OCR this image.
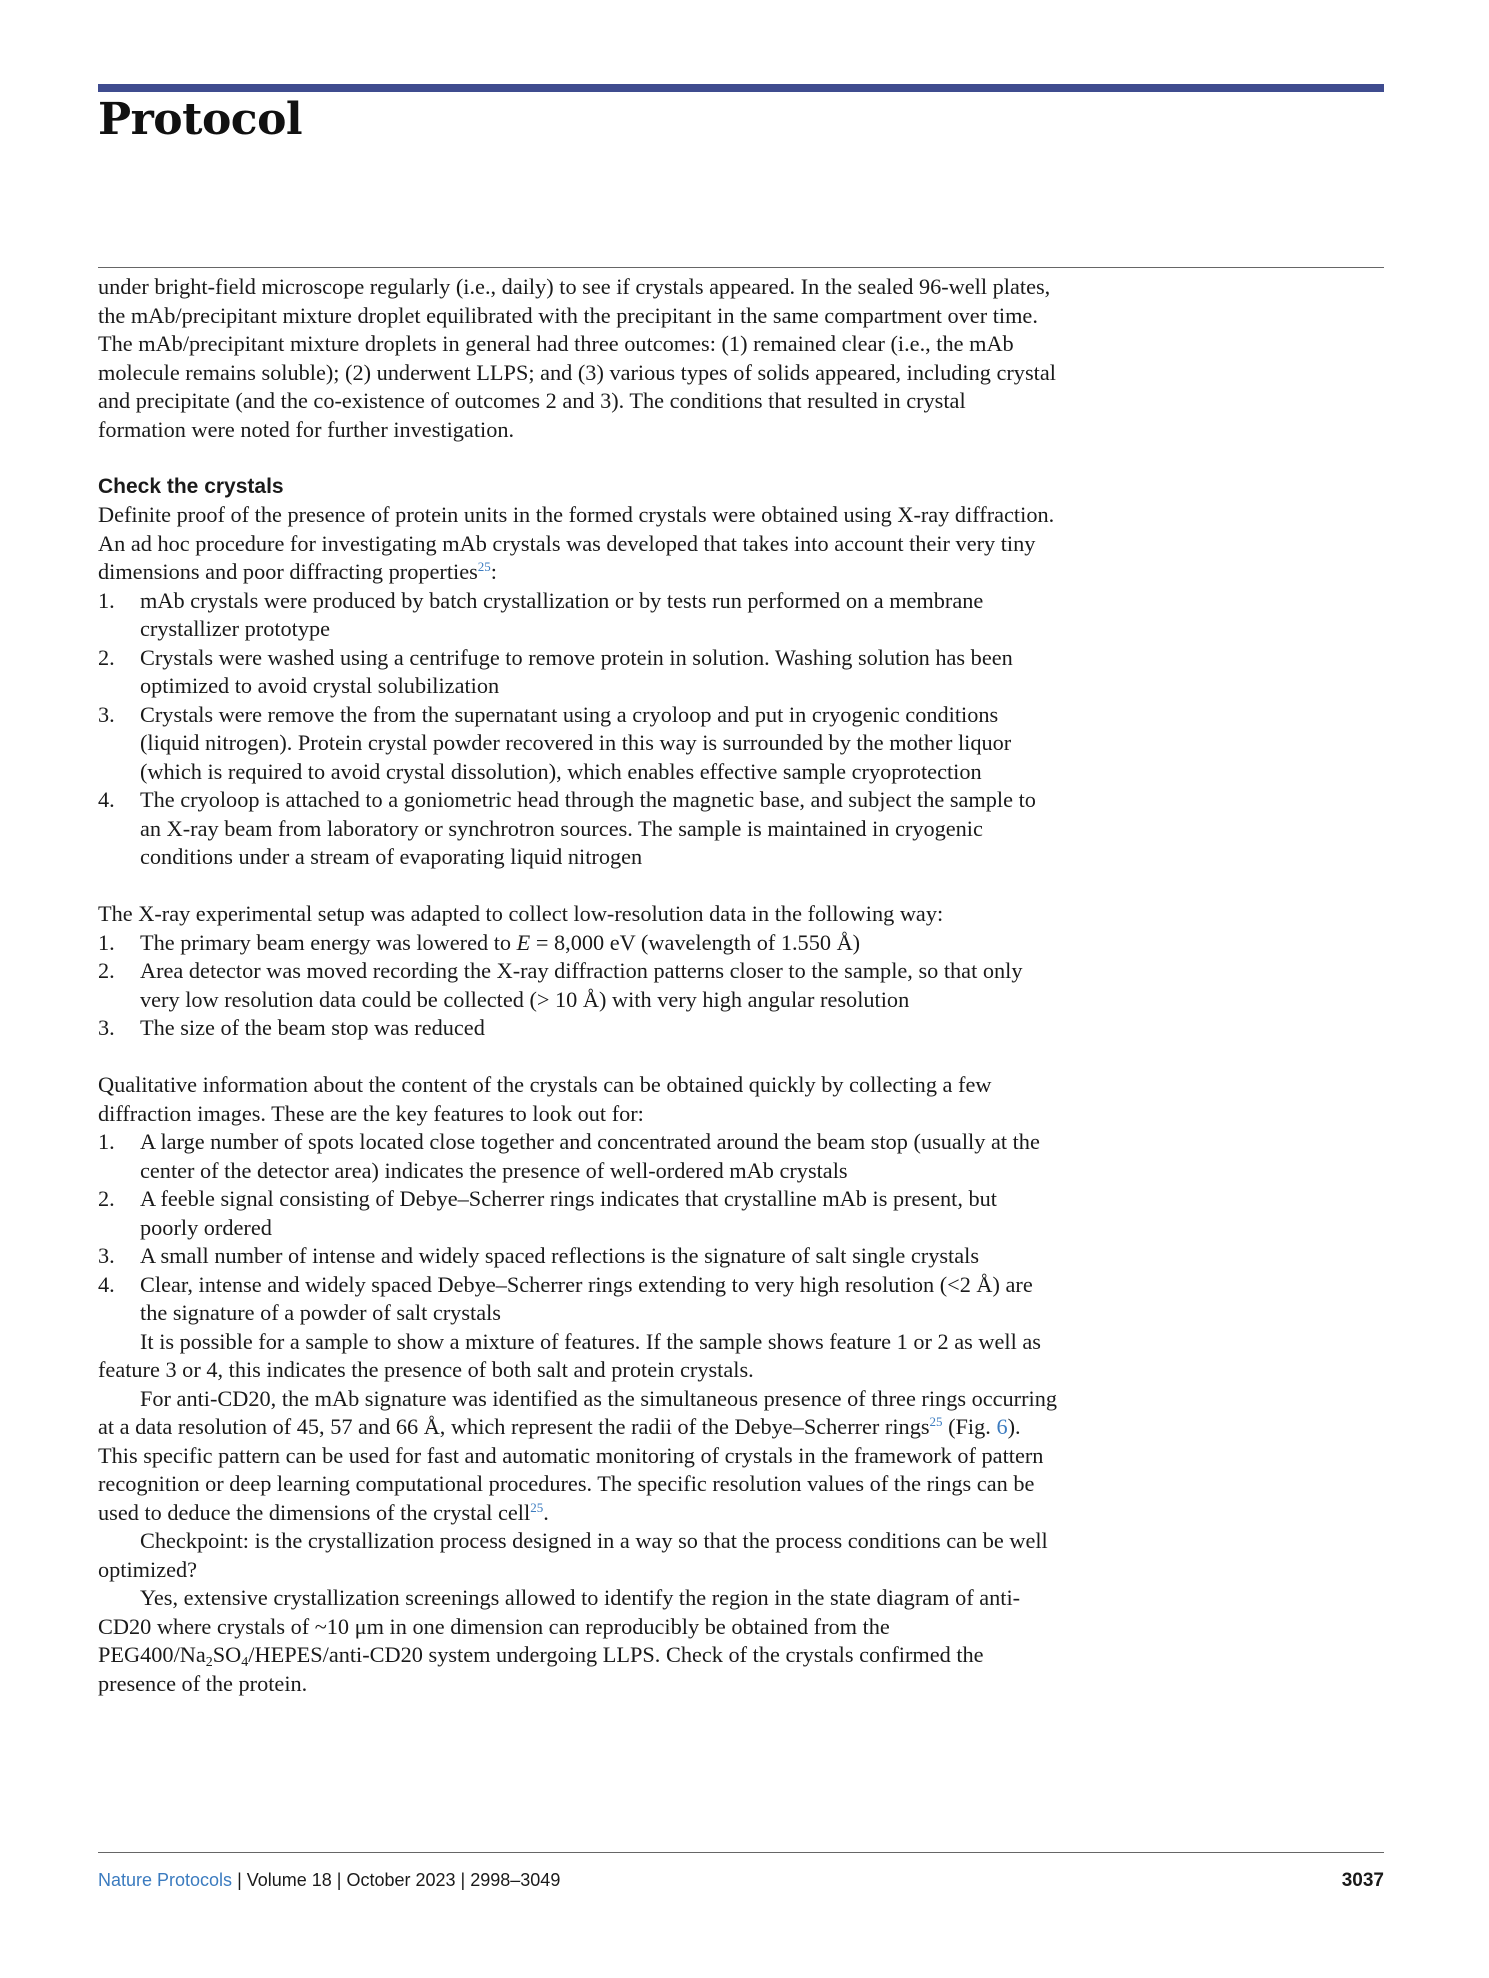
Protocol

under bright-field microscope regularly (i.e., daily) to see if crystals appeared. In the sealed 96-well plates, the mAb/precipitant mixture droplet equilibrated with the precipitant in the same compartment over time. The mAb/precipitant mixture droplets in general had three outcomes: (1) remained clear (i.e., the mAb molecule remains soluble); (2) underwent LLPS; and (3) various types of solids appeared, including crystal and precipitate (and the co-existence of outcomes 2 and 3). The conditions that resulted in crystal formation were noted for further investigation.

Check the crystals

Definite proof of the presence of protein units in the formed crystals were obtained using X-ray diffraction. An ad hoc procedure for investigating mAb crystals was developed that takes into account their very tiny dimensions and poor diffracting properties$^{25}$:

1. mAb crystals were produced by batch crystallization or by tests run performed on a membrane crystallizer prototype
2. Crystals were washed using a centrifuge to remove protein in solution. Washing solution has been optimized to avoid crystal solubilization
3. Crystals were remove the from the supernatant using a cryoloop and put in cryogenic conditions (liquid nitrogen). Protein crystal powder recovered in this way is surrounded by the mother liquor (which is required to avoid crystal dissolution), which enables effective sample cryoprotection
4. The cryoloop is attached to a goniometric head through the magnetic base, and subject the sample to an X-ray beam from laboratory or synchrotron sources. The sample is maintained in cryogenic conditions under a stream of evaporating liquid nitrogen

The X-ray experimental setup was adapted to collect low-resolution data in the following way:

1. The primary beam energy was lowered to E = 8,000 eV (wavelength of 1.550 Å)
2. Area detector was moved recording the X-ray diffraction patterns closer to the sample, so that only very low resolution data could be collected (> 10 Å) with very high angular resolution
3. The size of the beam stop was reduced

Qualitative information about the content of the crystals can be obtained quickly by collecting a few diffraction images. These are the key features to look out for:

1. A large number of spots located close together and concentrated around the beam stop (usually at the center of the detector area) indicates the presence of well-ordered mAb crystals
2. A feeble signal consisting of Debye–Scherrer rings indicates that crystalline mAb is present, but poorly ordered
3. A small number of intense and widely spaced reflections is the signature of salt single crystals
4. Clear, intense and widely spaced Debye–Scherrer rings extending to very high resolution (<2 Å) are the signature of a powder of salt crystals

It is possible for a sample to show a mixture of features. If the sample shows feature 1 or 2 as well as feature 3 or 4, this indicates the presence of both salt and protein crystals.

For anti-CD20, the mAb signature was identified as the simultaneous presence of three rings occurring at a data resolution of 45, 57 and 66 Å, which represent the radii of the Debye–Scherrer rings$^{25}$ (Fig. 6). This specific pattern can be used for fast and automatic monitoring of crystals in the framework of pattern recognition or deep learning computational procedures. The specific resolution values of the rings can be used to deduce the dimensions of the crystal cell$^{25}$.

Checkpoint: is the crystallization process designed in a way so that the process conditions can be well optimized?

Yes, extensive crystallization screenings allowed to identify the region in the state diagram of anti-CD20 where crystals of ~10 μm in one dimension can reproducibly be obtained from the $PEG400/Na_2SO_4/HEPES/anti-CD20$ system undergoing LLPS. Check of the crystals confirmed the presence of the protein.

Nature Protocols | Volume 18 | October 2023 | 2998–3049	3037
